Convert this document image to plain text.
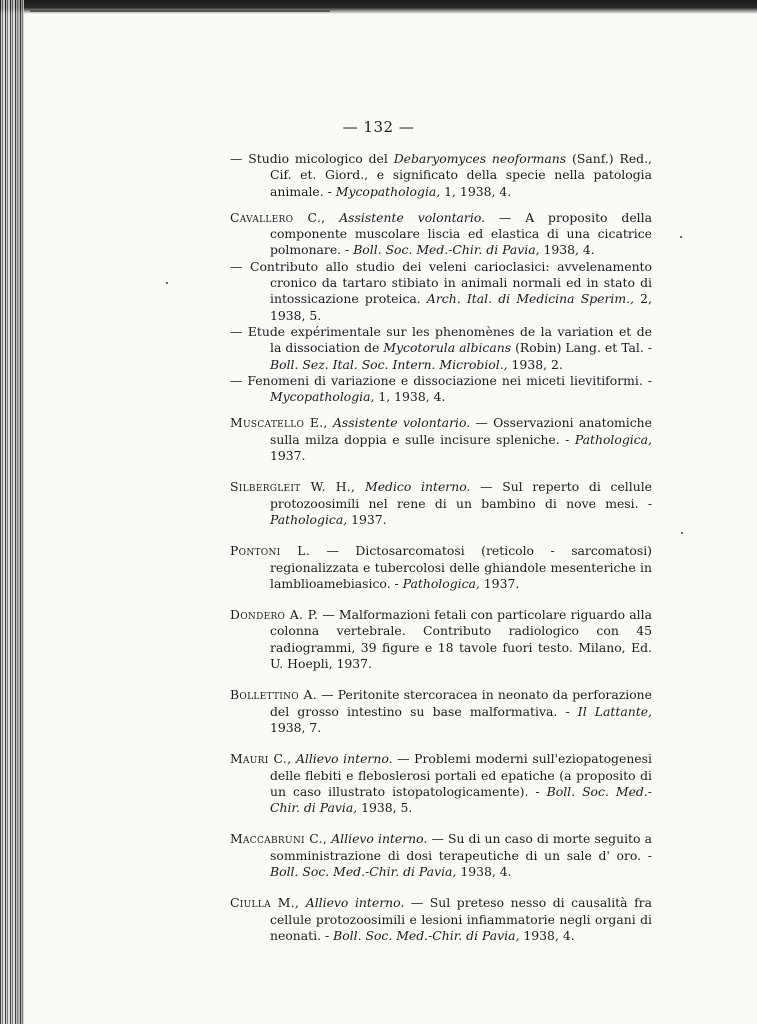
— 132 —

— Studio micologico del Debaryomyces neoformans (Sanf.) Red., Cif. et. Giord., e significato della specie nella patologia animale. - Mycopathologia, 1, 1938, 4.

Cavallero C., Assistente volontario. — A proposito della componente muscolare liscia ed elastica di una cicatrice polmonare. - Boll. Soc. Med.-Chir. di Pavia, 1938, 4.

— Contributo allo studio dei veleni carioclasici: avvelenamento cronico da tartaro stibiato in animali normali ed in stato di intossicazione proteica. Arch. Ital. di Medicina Sperim., 2, 1938, 5.

— Etude expérimentale sur les phenomènes de la variation et de la dissociation de Mycotorula albicans (Robin) Lang. et Tal. - Boll. Sez. Ital. Soc. Intern. Microbiol., 1938, 2.

— Fenomeni di variazione e dissociazione nei miceti lievitiformi. - Mycopathologia, 1, 1938, 4.

Muscatello E., Assistente volontario. — Osservazioni anatomiche sulla milza doppia e sulle incisure spleniche. - Pathologica, 1937.

Silbergleit W. H., Medico interno. — Sul reperto di cellule protozoosimili nel rene di un bambino di nove mesi. - Pathologica, 1937.

Pontoni L. — Dictosarcomatosi (reticolo - sarcomatosi) regionalizzata e tubercolosi delle ghiandole mesenteriche in lamblioamebiasico. - Pathologica, 1937.

Dondero A. P. — Malformazioni fetali con particolare riguardo alla colonna vertebrale. Contributo radiologico con 45 radiogrammi, 39 figure e 18 tavole fuori testo. Milano, Ed. U. Hoepli, 1937.

Bollettino A. — Peritonite stercoracea in neonato da perforazione del grosso intestino su base malformativa. - Il Lattante, 1938, 7.

Mauri C., Allievo interno. — Problemi moderni sull'eziopatogenesi delle flebiti e fleboslerosi portali ed epatiche (a proposito di un caso illustrato istopatologicamente). - Boll. Soc. Med.-Chir. di Pavia, 1938, 5.

Maccabruni C., Allievo interno. — Su di un caso di morte seguito a somministrazione di dosi terapeutiche di un sale d' oro. - Boll. Soc. Med.-Chir. di Pavia, 1938, 4.

Ciulla M., Allievo interno. — Sul preteso nesso di causalità fra cellule protozoosimili e lesioni infiammatorie negli organi di neonati. - Boll. Soc. Med.-Chir. di Pavia, 1938, 4.
